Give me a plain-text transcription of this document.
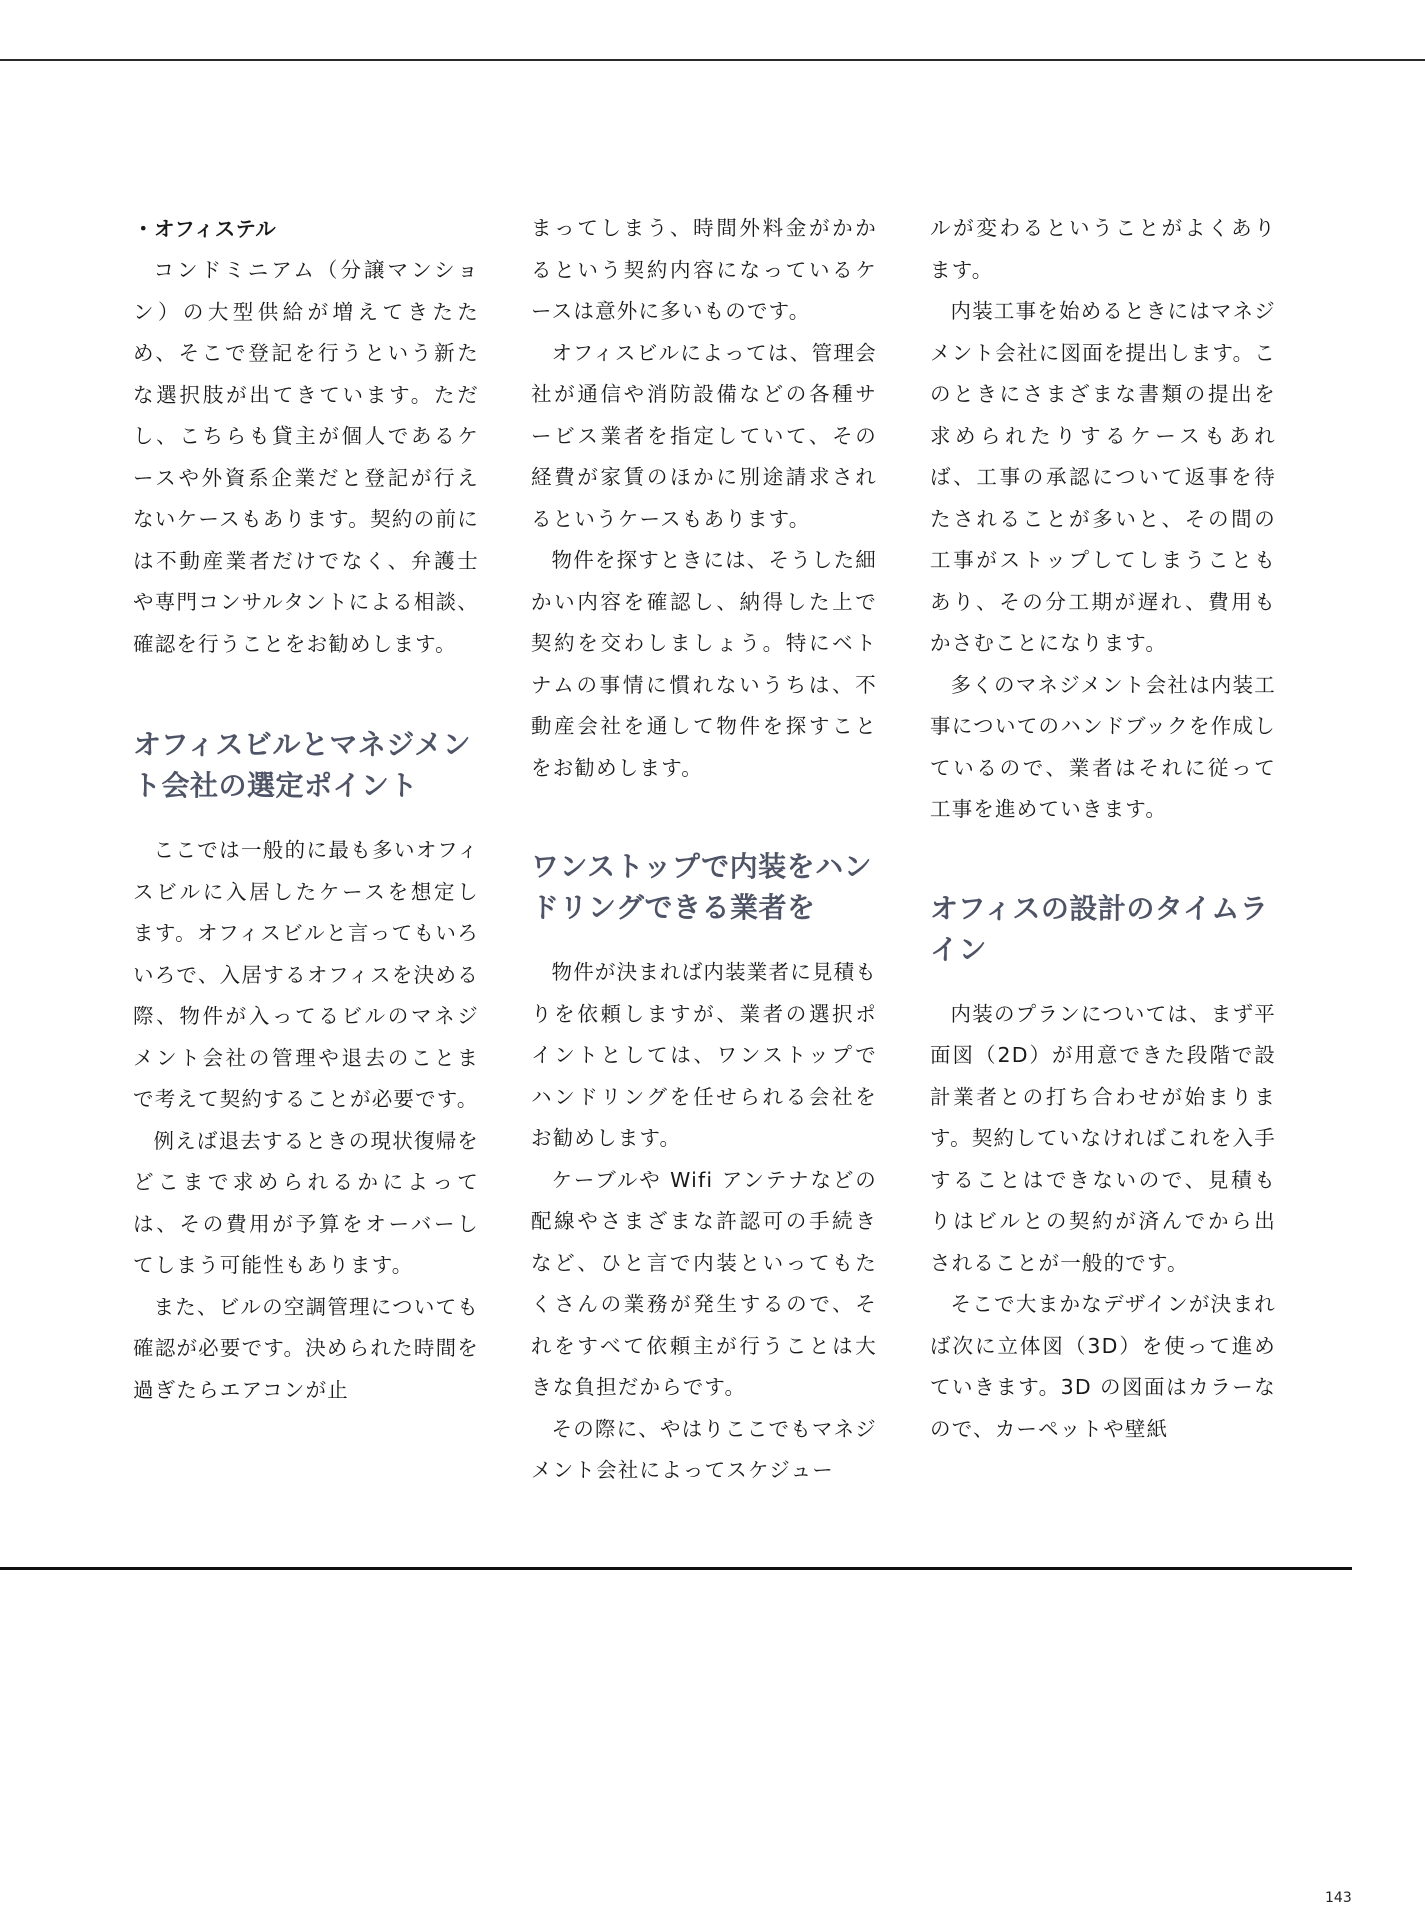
・オフィステル

コンドミニアム（分譲マンション）の大型供給が増えてきたため、そこで登記を行うという新たな選択肢が出てきています。ただし、こちらも貸主が個人であるケースや外資系企業だと登記が行えないケースもあります。契約の前には不動産業者だけでなく、弁護士や専門コンサルタントによる相談、確認を行うことをお勧めします。

オフィスビルとマネジメント会社の選定ポイント

ここでは一般的に最も多いオフィスビルに入居したケースを想定します。オフィスビルと言ってもいろいろで、入居するオフィスを決める際、物件が入ってるビルのマネジメント会社の管理や退去のことまで考えて契約することが必要です。

例えば退去するときの現状復帰をどこまで求められるかによっては、その費用が予算をオーバーしてしまう可能性もあります。

また、ビルの空調管理についても確認が必要です。決められた時間を過ぎたらエアコンが止

まってしまう、時間外料金がかかるという契約内容になっているケースは意外に多いものです。

オフィスビルによっては、管理会社が通信や消防設備などの各種サービス業者を指定していて、その経費が家賃のほかに別途請求されるというケースもあります。

物件を探すときには、そうした細かい内容を確認し、納得した上で契約を交わしましょう。特にベトナムの事情に慣れないうちは、不動産会社を通して物件を探すことをお勧めします。

ワンストップで内装をハンドリングできる業者を

物件が決まれば内装業者に見積もりを依頼しますが、業者の選択ポイントとしては、ワンストップでハンドリングを任せられる会社をお勧めします。

ケーブルや Wifi アンテナなどの配線やさまざまな許認可の手続きなど、ひと言で内装といってもたくさんの業務が発生するので、それをすべて依頼主が行うことは大きな負担だからです。

その際に、やはりここでもマネジメント会社によってスケジュー

ルが変わるということがよくあります。

内装工事を始めるときにはマネジメント会社に図面を提出します。このときにさまざまな書類の提出を求められたりするケースもあれば、工事の承認について返事を待たされることが多いと、その間の工事がストップしてしまうこともあり、その分工期が遅れ、費用もかさむことになります。

多くのマネジメント会社は内装工事についてのハンドブックを作成しているので、業者はそれに従って工事を進めていきます。

オフィスの設計のタイムライン

内装のプランについては、まず平面図（2D）が用意できた段階で設計業者との打ち合わせが始まります。契約していなければこれを入手することはできないので、見積もりはビルとの契約が済んでから出されることが一般的です。

そこで大まかなデザインが決まれば次に立体図（3D）を使って進めていきます。3D の図面はカラーなので、カーペットや壁紙

143
